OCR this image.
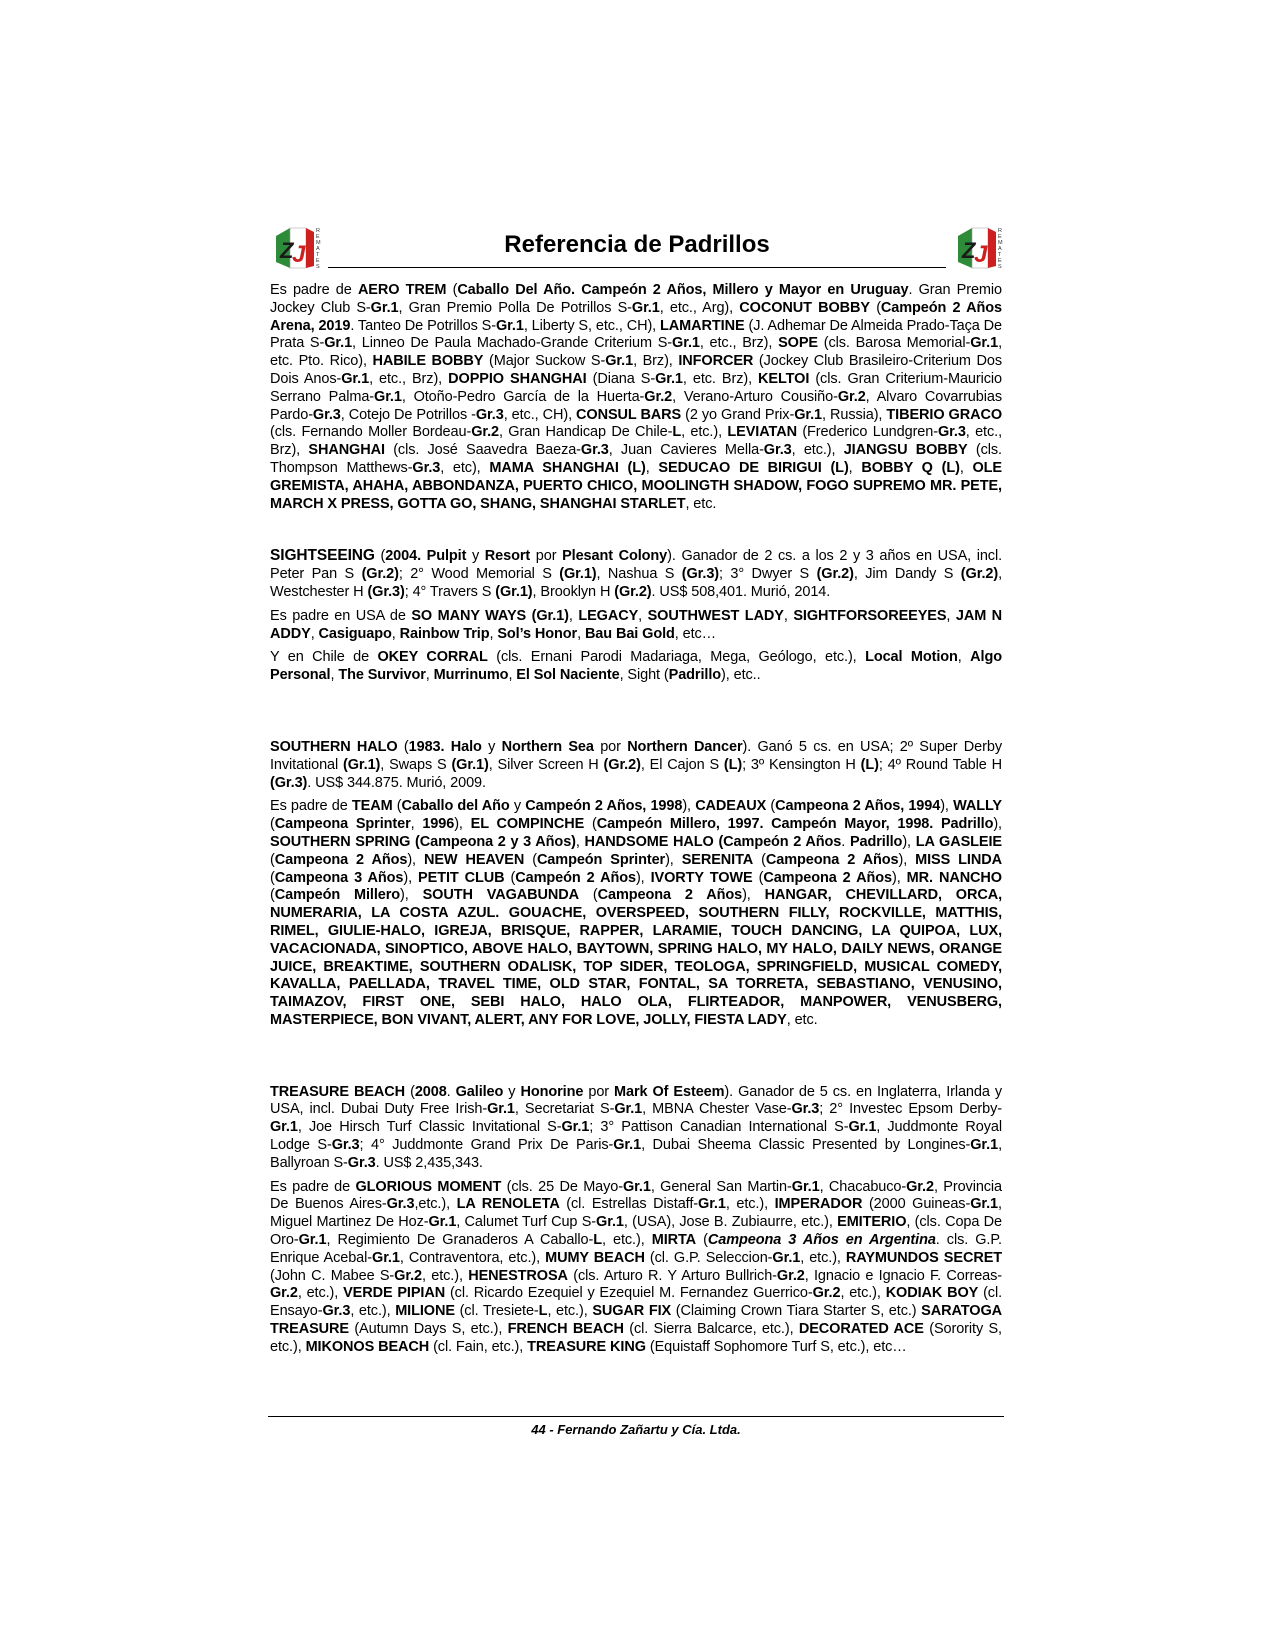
Z
J
R
E
M
A
T
E
S
Referencia de Padrillos	Z
J
R
E
M
A
T
E
S

Es padre de AERO TREM (Caballo Del Año. Campeón 2 Años, Millero y Mayor en Uruguay. Gran Premio Jockey Club S-Gr.1, Gran Premio Polla De Potrillos S-Gr.1, etc., Arg), COCONUT BOBBY (Campeón 2 Años Arena, 2019. Tanteo De Potrillos S-Gr.1, Liberty S, etc., CH), LAMARTINE (J. Adhemar De Almeida Prado-Taça De Prata S-Gr.1, Linneo De Paula Machado-Grande Criterium S-Gr.1, etc., Brz), SOPE (cls. Barosa Memorial-Gr.1, etc. Pto. Rico), HABILE BOBBY (Major Suckow S-Gr.1, Brz), INFORCER (Jockey Club Brasileiro-Criterium Dos Dois Anos-Gr.1, etc., Brz), DOPPIO SHANGHAI (Diana S-Gr.1, etc. Brz), KELTOI (cls. Gran Criterium-Mauricio Serrano Palma-Gr.1, Otoño-Pedro García de la Huerta-Gr.2, Verano-Arturo Cousiño-Gr.2, Alvaro Covarrubias Pardo-Gr.3, Cotejo De Potrillos -Gr.3, etc., CH), CONSUL BARS (2 yo Grand Prix-Gr.1, Russia), TIBERIO GRACO (cls. Fernando Moller Bordeau-Gr.2, Gran Handicap De Chile-L, etc.), LEVIATAN (Frederico Lundgren-Gr.3, etc., Brz), SHANGHAI (cls. José Saavedra Baeza-Gr.3, Juan Cavieres Mella-Gr.3, etc.), JIANGSU BOBBY (cls. Thompson Matthews-Gr.3, etc), MAMA SHANGHAI (L), SEDUCAO DE BIRIGUI (L), BOBBY Q (L), OLE GREMISTA, AHAHA, ABBONDANZA, PUERTO CHICO, MOOLINGTH SHADOW, FOGO SUPREMO MR. PETE, MARCH X PRESS, GOTTA GO, SHANG, SHANGHAI STARLET, etc.

SIGHTSEEING (2004. Pulpit y Resort por Plesant Colony). Ganador de 2 cs. a los 2 y 3 años en USA, incl. Peter Pan S (Gr.2); 2° Wood Memorial S (Gr.1), Nashua S (Gr.3); 3° Dwyer S (Gr.2), Jim Dandy S (Gr.2), Westchester H (Gr.3); 4° Travers S (Gr.1), Brooklyn H (Gr.2). US$ 508,401. Murió, 2014.

Es padre en USA de SO MANY WAYS (Gr.1), LEGACY, SOUTHWEST LADY, SIGHTFORSOREEYES, JAM N ADDY, Casiguapo, Rainbow Trip, Sol’s Honor, Bau Bai Gold, etc…

Y en Chile de OKEY CORRAL (cls. Ernani Parodi Madariaga, Mega, Geólogo, etc.), Local Motion, Algo Personal, The Survivor, Murrinumo, El Sol Naciente, Sight (Padrillo), etc..

SOUTHERN HALO (1983. Halo y Northern Sea por Northern Dancer). Ganó 5 cs. en USA; 2º Super Derby Invitational (Gr.1), Swaps S (Gr.1), Silver Screen H (Gr.2), El Cajon S (L); 3º Kensington H (L); 4º Round Table H (Gr.3). US$ 344.875. Murió, 2009.

Es padre de TEAM (Caballo del Año y Campeón 2 Años, 1998), CADEAUX (Campeona 2 Años, 1994), WALLY (Campeona Sprinter, 1996), EL COMPINCHE (Campeón Millero, 1997. Campeón Mayor, 1998. Padrillo), SOUTHERN SPRING (Campeona 2 y 3 Años), HANDSOME HALO (Campeón 2 Años. Padrillo), LA GASLEIE (Campeona 2 Años), NEW HEAVEN (Campeón Sprinter), SERENITA (Campeona 2 Años), MISS LINDA (Campeona 3 Años), PETIT CLUB (Campeón 2 Años), IVORTY TOWE (Campeona 2 Años), MR. NANCHO (Campeón Millero), SOUTH VAGABUNDA (Campeona 2 Años), HANGAR, CHEVILLARD, ORCA, NUMERARIA, LA COSTA AZUL. GOUACHE, OVERSPEED, SOUTHERN FILLY, ROCKVILLE, MATTHIS, RIMEL, GIULIE-HALO, IGREJA, BRISQUE, RAPPER, LARAMIE, TOUCH DANCING, LA QUIPOA, LUX, VACACIONADA, SINOPTICO, ABOVE HALO, BAYTOWN, SPRING HALO, MY HALO, DAILY NEWS, ORANGE JUICE, BREAKTIME, SOUTHERN ODALISK, TOP SIDER, TEOLOGA, SPRINGFIELD, MUSICAL COMEDY, KAVALLA, PAELLADA, TRAVEL TIME, OLD STAR, FONTAL, SA TORRETA, SEBASTIANO, VENUSINO, TAIMAZOV, FIRST ONE, SEBI HALO, HALO OLA, FLIRTEADOR, MANPOWER, VENUSBERG, MASTERPIECE, BON VIVANT, ALERT, ANY FOR LOVE, JOLLY, FIESTA LADY, etc.

TREASURE BEACH (2008. Galileo y Honorine por Mark Of Esteem). Ganador de 5 cs. en Inglaterra, Irlanda y USA, incl. Dubai Duty Free Irish-Gr.1, Secretariat S-Gr.1, MBNA Chester Vase-Gr.3; 2° Investec Epsom Derby-Gr.1, Joe Hirsch Turf Classic Invitational S-Gr.1; 3° Pattison Canadian International S-Gr.1, Juddmonte Royal Lodge S-Gr.3; 4° Juddmonte Grand Prix De Paris-Gr.1, Dubai Sheema Classic Presented by Longines-Gr.1, Ballyroan S-Gr.3. US$ 2,435,343.

Es padre de GLORIOUS MOMENT (cls. 25 De Mayo-Gr.1, General San Martin-Gr.1, Chacabuco-Gr.2, Provincia De Buenos Aires-Gr.3,etc.), LA RENOLETA (cl. Estrellas Distaff-Gr.1, etc.), IMPERADOR (2000 Guineas-Gr.1, Miguel Martinez De Hoz-Gr.1, Calumet Turf Cup S-Gr.1, (USA), Jose B. Zubiaurre, etc.), EMITERIO, (cls. Copa De Oro-Gr.1, Regimiento De Granaderos A Caballo-L, etc.), MIRTA (Campeona 3 Años en Argentina. cls. G.P. Enrique Acebal-Gr.1, Contraventora, etc.), MUMY BEACH (cl. G.P. Seleccion-Gr.1, etc.), RAYMUNDOS SECRET (John C. Mabee S-Gr.2, etc.), HENESTROSA (cls. Arturo R. Y Arturo Bullrich-Gr.2, Ignacio e Ignacio F. Correas-Gr.2, etc.), VERDE PIPIAN (cl. Ricardo Ezequiel y Ezequiel M. Fernandez Guerrico-Gr.2, etc.), KODIAK BOY (cl. Ensayo-Gr.3, etc.), MILIONE (cl. Tresiete-L, etc.), SUGAR FIX (Claiming Crown Tiara Starter S, etc.) SARATOGA TREASURE (Autumn Days S, etc.), FRENCH BEACH (cl. Sierra Balcarce, etc.), DECORATED ACE (Sorority S, etc.), MIKONOS BEACH (cl. Fain, etc.), TREASURE KING (Equistaff Sophomore Turf S, etc.), etc…

44 - Fernando Zañartu y Cía. Ltda.
